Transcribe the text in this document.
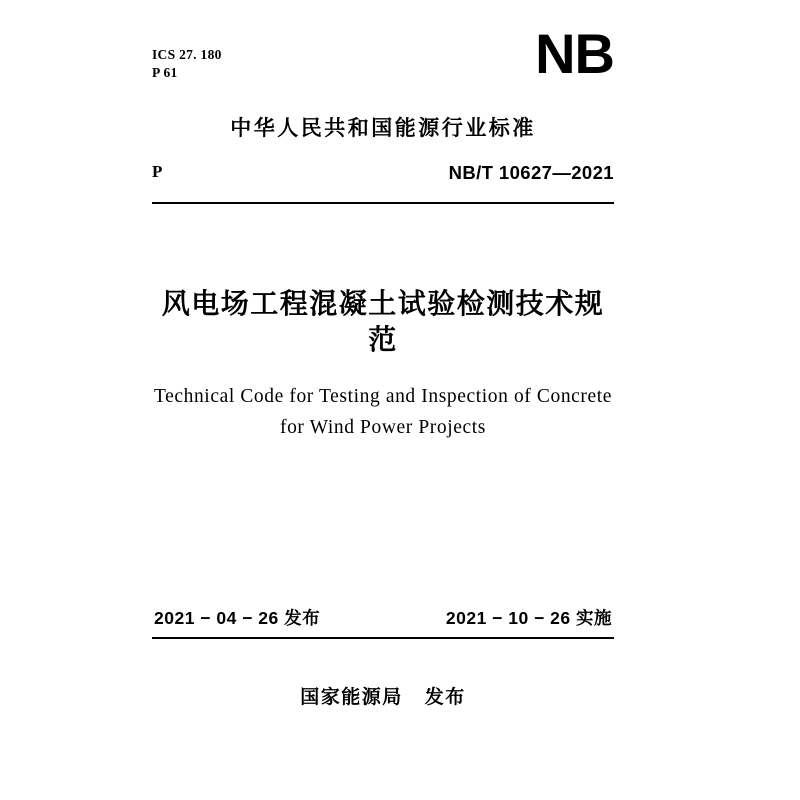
ICS 27. 180
P 61	NB
中华人民共和国能源行业标准
P	NB/T 10627—2021
风电场工程混凝土试验检测技术规范
Technical Code for Testing and Inspection of Concrete
for Wind Power Projects
2021 − 04 − 26 发布	2021 − 10 − 26 实施
国家能源局 发布
